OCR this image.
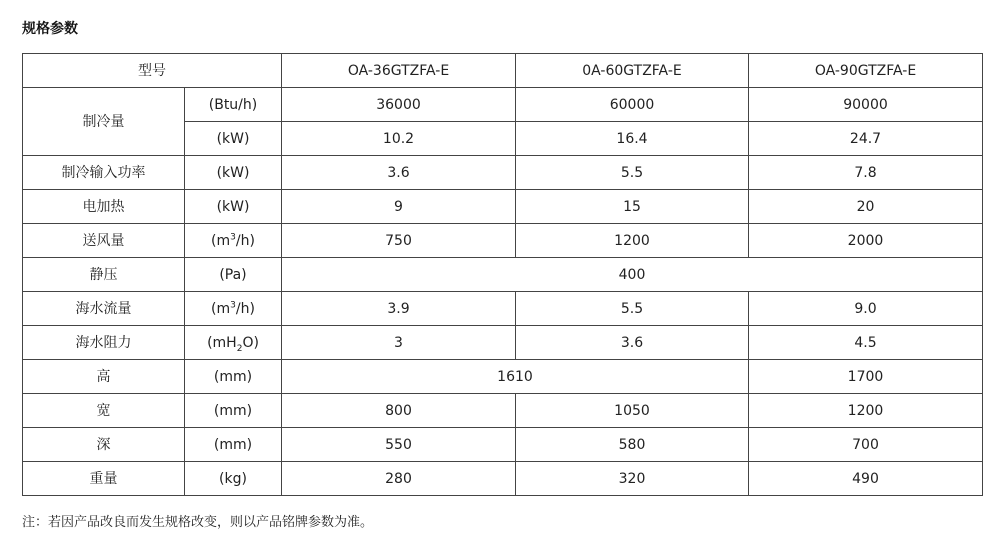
规格参数
型号		OA-36GTZFA-E	0A-60GTZFA-E	OA-90GTZFA-E
制冷量	(Btu/h)	36000	60000	90000
	(kW)	10.2	16.4	24.7
制冷输入功率	(kW)	3.6	5.5	7.8
电加热	(kW)	9	15	20
送风量	$(m^3/h)$	750	1200	2000
静压	(Pa)	400		
海水流量	$(m^3/h)$	3.9	5.5	9.0
海水阻力	$(mH_2O)$	3	3.6	4.5
高	(mm)	1610		1700
宽	(mm)	800	1050	1200
深	(mm)	550	580	700
重量	(kg)	280	320	490
注：若因产品改良而发生规格改变，则以产品铭牌参数为准。
